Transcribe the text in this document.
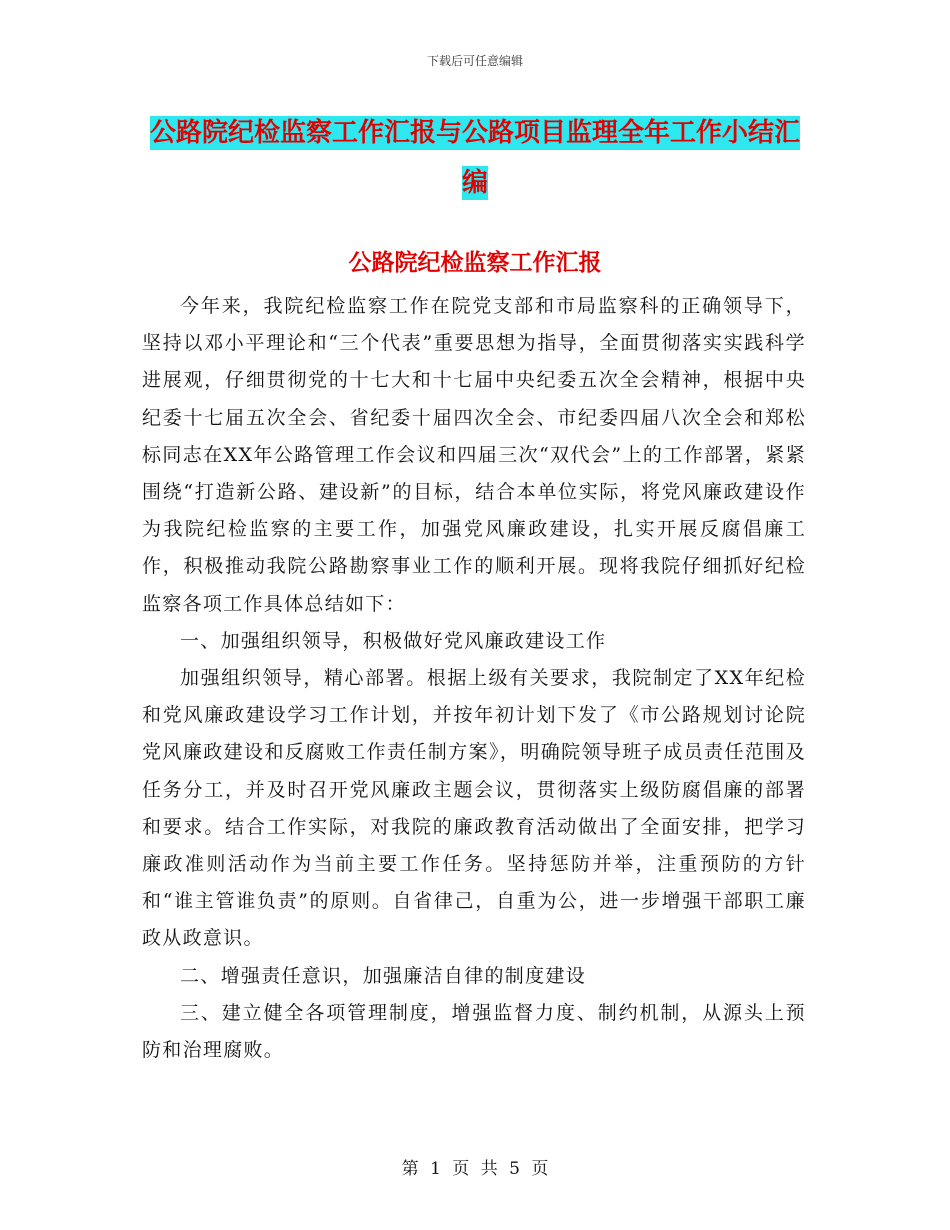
下载后可任意编辑
公路院纪检监察工作汇报与公路项目监理全年工作小结汇编
公路院纪检监察工作汇报

今年来，我院纪检监察工作在院党支部和市局监察科的正确领导下，坚持以邓小平理论和“三个代表”重要思想为指导，全面贯彻落实实践科学进展观，仔细贯彻党的十七大和十七届中央纪委五次全会精神，根据中央纪委十七届五次全会、省纪委十届四次全会、市纪委四届八次全会和郑松标同志在XX年公路管理工作会议和四届三次“双代会”上的工作部署，紧紧围绕“打造新公路、建设新”的目标，结合本单位实际，将党风廉政建设作为我院纪检监察的主要工作，加强党风廉政建设，扎实开展反腐倡廉工作，积极推动我院公路勘察事业工作的顺利开展。现将我院仔细抓好纪检监察各项工作具体总结如下：

一、加强组织领导，积极做好党风廉政建设工作

加强组织领导，精心部署。根据上级有关要求，我院制定了XX年纪检和党风廉政建设学习工作计划，并按年初计划下发了《市公路规划讨论院党风廉政建设和反腐败工作责任制方案》，明确院领导班子成员责任范围及任务分工，并及时召开党风廉政主题会议，贯彻落实上级防腐倡廉的部署和要求。结合工作实际，对我院的廉政教育活动做出了全面安排，把学习廉政准则活动作为当前主要工作任务。坚持惩防并举，注重预防的方针和“谁主管谁负责”的原则。自省律己，自重为公，进一步增强干部职工廉政从政意识。

二、增强责任意识，加强廉洁自律的制度建设

三、建立健全各项管理制度，增强监督力度、制约机制，从源头上预防和治理腐败。

第 1 页 共 5 页
